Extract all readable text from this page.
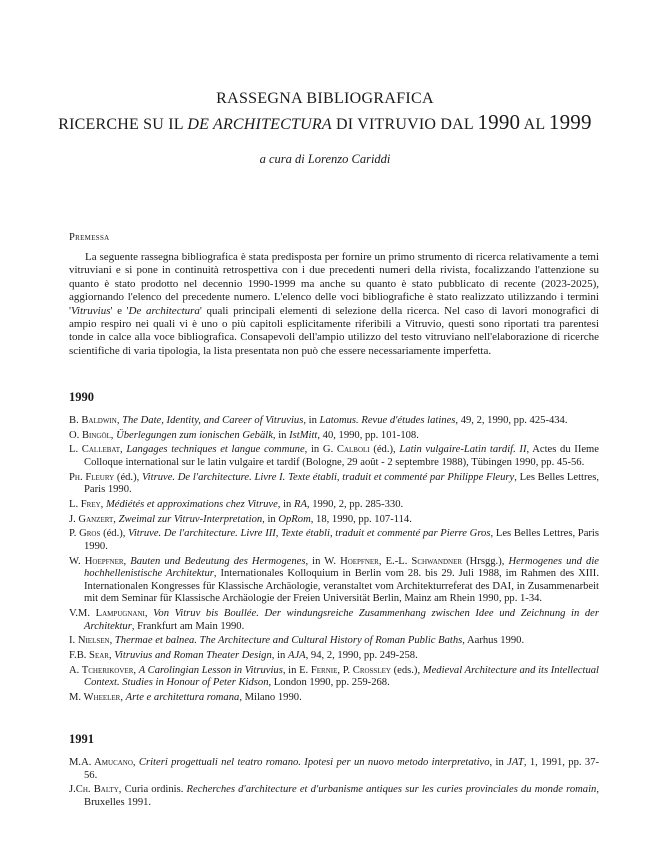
RASSEGNA BIBLIOGRAFICA
RICERCHE SU IL DE ARCHITECTURA DI VITRUVIO DAL 1990 AL 1999
a cura di Lorenzo Cariddi
Premessa

La seguente rassegna bibliografica è stata predisposta per fornire un primo strumento di ricerca relativamente a temi vitruviani e si pone in continuità retrospettiva con i due precedenti numeri della rivista, focalizzando l'attenzione su quanto è stato prodotto nel decennio 1990-1999 ma anche su quanto è stato pubblicato di recente (2023-2025), aggiornando l'elenco del precedente numero. L'elenco delle voci bibliografiche è stato realizzato utilizzando i termini 'Vitruvius' e 'De architectura' quali principali elementi di selezione della ricerca. Nel caso di lavori monografici di ampio respiro nei quali vi è uno o più capitoli esplicitamente riferibili a Vitruvio, questi sono riportati tra parentesi tonde in calce alla voce bibliografica. Consapevoli dell'ampio utilizzo del testo vitruviano nell'elaborazione di ricerche scientifiche di varia tipologia, la lista presentata non può che essere necessariamente imperfetta.

1990
B. Baldwin, The Date, Identity, and Career of Vitruvius, in Latomus. Revue d'études latines, 49, 2, 1990, pp. 425-434.
O. Bingöl, Überlegungen zum ionischen Gebälk, in IstMitt, 40, 1990, pp. 101-108.
L. Callebat, Langages techniques et langue commune, in G. Calboli (éd.), Latin vulgaire-Latin tardif. II, Actes du IIeme Colloque international sur le latin vulgaire et tardif (Bologne, 29 août - 2 septembre 1988), Tübingen 1990, pp. 45-56.
Ph. Fleury (éd.), Vitruve. De l'architecture. Livre I. Texte établi, traduit et commenté par Philippe Fleury, Les Belles Lettres, Paris 1990.
L. Frey, Médiétés et approximations chez Vitruve, in RA, 1990, 2, pp. 285-330.
J. Ganzert, Zweimal zur Vitruv-Interpretation, in OpRom, 18, 1990, pp. 107-114.
P. Gros (éd.), Vitruve. De l'architecture. Livre III, Texte établi, traduit et commenté par Pierre Gros, Les Belles Lettres, Paris 1990.
W. Hoepfner, Bauten und Bedeutung des Hermogenes, in W. Hoepfner, E.-L. Schwandner (Hrsgg.), Hermogenes und die hochhellenistische Architektur, Internationales Kolloquium in Berlin vom 28. bis 29. Juli 1988, im Rahmen des XIII. Internationalen Kongresses für Klassische Archäologie, veranstaltet vom Architekturreferat des DAI, in Zusammenarbeit mit dem Seminar für Klassische Archäologie der Freien Universität Berlin, Mainz am Rhein 1990, pp. 1-34.
V.M. Lampugnani, Von Vitruv bis Boullée. Der windungsreiche Zusammenhang zwischen Idee und Zeichnung in der Architektur, Frankfurt am Main 1990.
I. Nielsen, Thermae et balnea. The Architecture and Cultural History of Roman Public Baths, Aarhus 1990.
F.B. Sear, Vitruvius and Roman Theater Design, in AJA, 94, 2, 1990, pp. 249-258.
A. Tcherikover, A Carolingian Lesson in Vitruvius, in E. Fernie, P. Crossley (eds.), Medieval Architecture and its Intellectual Context. Studies in Honour of Peter Kidson, London 1990, pp. 259-268.
M. Wheeler, Arte e architettura romana, Milano 1990.
1991
M.A. Amucano, Criteri progettuali nel teatro romano. Ipotesi per un nuovo metodo interpretativo, in JAT, 1, 1991, pp. 37-56.
J.Ch. Balty, Curia ordinis. Recherches d'architecture et d'urbanisme antiques sur les curies provinciales du monde romain, Bruxelles 1991.
